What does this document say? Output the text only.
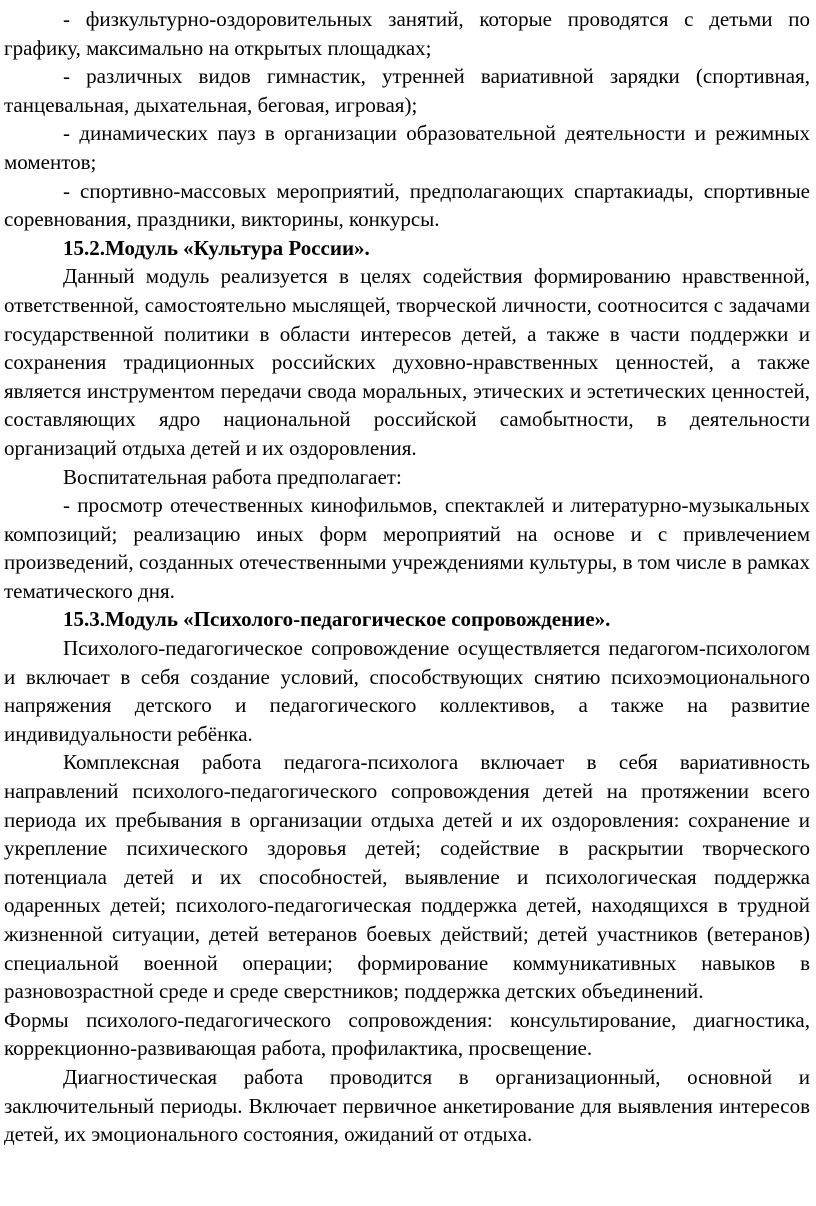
- физкультурно-оздоровительных занятий, которые проводятся с детьми по графику, максимально на открытых площадках;

- различных видов гимнастик, утренней вариативной зарядки (спортивная, танцевальная, дыхательная, беговая, игровая);

- динамических пауз в организации образовательной деятельности и режимных моментов;

- спортивно-массовых мероприятий, предполагающих спартакиады, спортивные соревнования, праздники, викторины, конкурсы.

15.2.Модуль «Культура России».

Данный модуль реализуется в целях содействия формированию нравственной, ответственной, самостоятельно мыслящей, творческой личности, соотносится с задачами государственной политики в области интересов детей, а также в части поддержки и сохранения традиционных российских духовно-нравственных ценностей, а также является инструментом передачи свода моральных, этических и эстетических ценностей, составляющих ядро национальной российской самобытности, в деятельности организаций отдыха детей и их оздоровления.

Воспитательная работа предполагает:

- просмотр отечественных кинофильмов, спектаклей и литературно-музыкальных композиций; реализацию иных форм мероприятий на основе и с привлечением произведений, созданных отечественными учреждениями культуры, в том числе в рамках тематического дня.

15.3.Модуль «Психолого-педагогическое сопровождение».

Психолого-педагогическое сопровождение осуществляется педагогом-психологом и включает в себя создание условий, способствующих снятию психоэмоционального напряжения детского и педагогического коллективов, а также на развитие индивидуальности ребёнка.

Комплексная работа педагога-психолога включает в себя вариативность направлений психолого-педагогического сопровождения детей на протяжении всего периода их пребывания в организации отдыха детей и их оздоровления: сохранение и укрепление психического здоровья детей; содействие в раскрытии творческого потенциала детей и их способностей, выявление и психологическая поддержка одаренных детей; психолого-педагогическая поддержка детей, находящихся в трудной жизненной ситуации, детей ветеранов боевых действий; детей участников (ветеранов) специальной военной операции; формирование коммуникативных навыков в разновозрастной среде и среде сверстников; поддержка детских объединений.

Формы психолого-педагогического сопровождения: консультирование, диагностика, коррекционно-развивающая работа, профилактика, просвещение.

Диагностическая работа проводится в организационный, основной и заключительный периоды. Включает первичное анкетирование для выявления интересов детей, их эмоционального состояния, ожиданий от отдыха.
